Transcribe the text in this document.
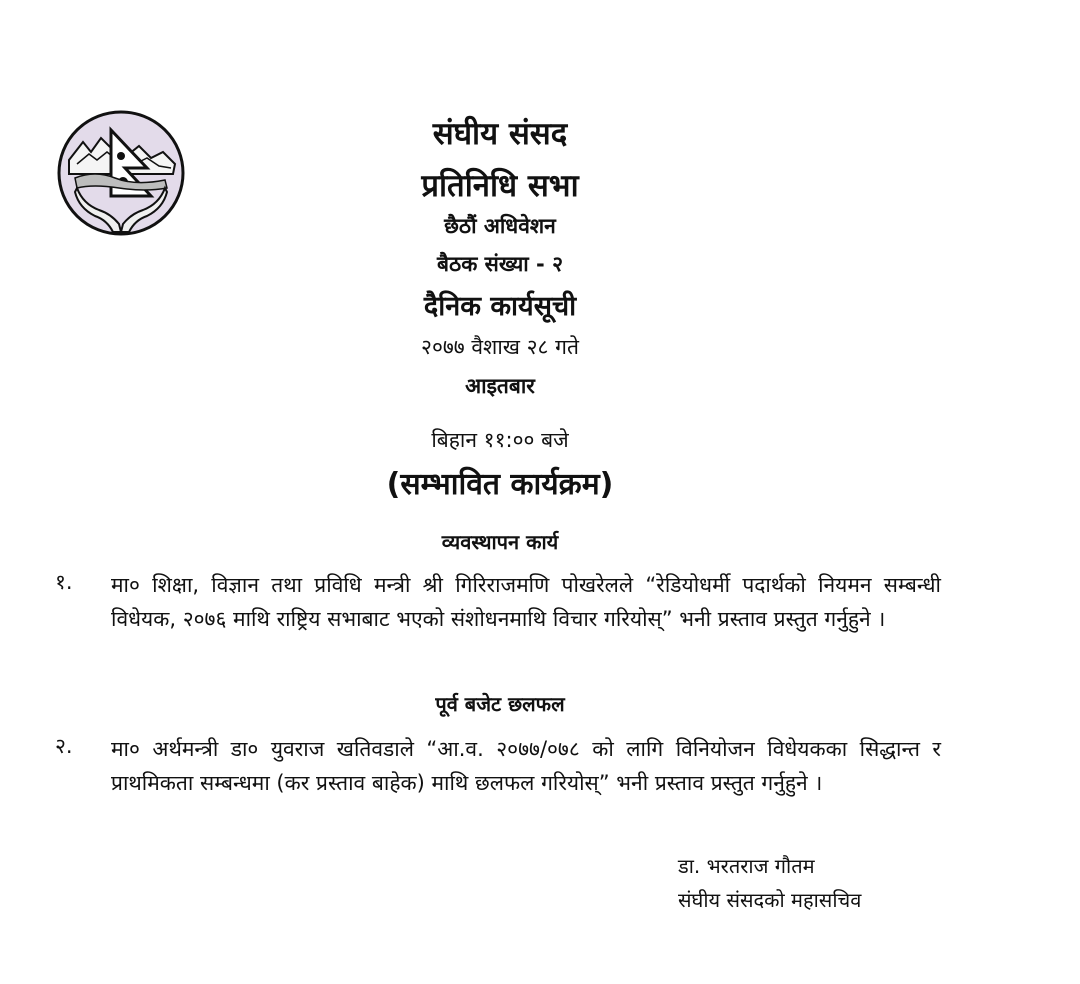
संघीय संसद
प्रतिनिधि सभा
छैठौं अधिवेशन
बैठक संख्या - २
दैनिक कार्यसूची
२०७७ वैशाख २८ गते
आइतबार
बिहान ११:०० बजे
(सम्भावित कार्यक्रम)
व्यवस्थापन कार्य
१. मा० शिक्षा, विज्ञान तथा प्रविधि मन्त्री श्री गिरिराजमणि पोखरेलले “रेडियोधर्मी पदार्थको नियमन सम्बन्धी विधेयक, २०७६ माथि राष्ट्रिय सभाबाट भएको संशोधनमाथि विचार गरियोस्” भनी प्रस्ताव प्रस्तुत गर्नुहुने ।
पूर्व बजेट छलफल
२. मा० अर्थमन्त्री डा० युवराज खतिवडाले “आ.व. २०७७/०७८ को लागि विनियोजन विधेयकका सिद्धान्त र प्राथमिकता सम्बन्धमा (कर प्रस्ताव बाहेक) माथि छलफल गरियोस्” भनी प्रस्ताव प्रस्तुत गर्नुहुने ।
डा. भरतराज गौतम
संघीय संसदको महासचिव
